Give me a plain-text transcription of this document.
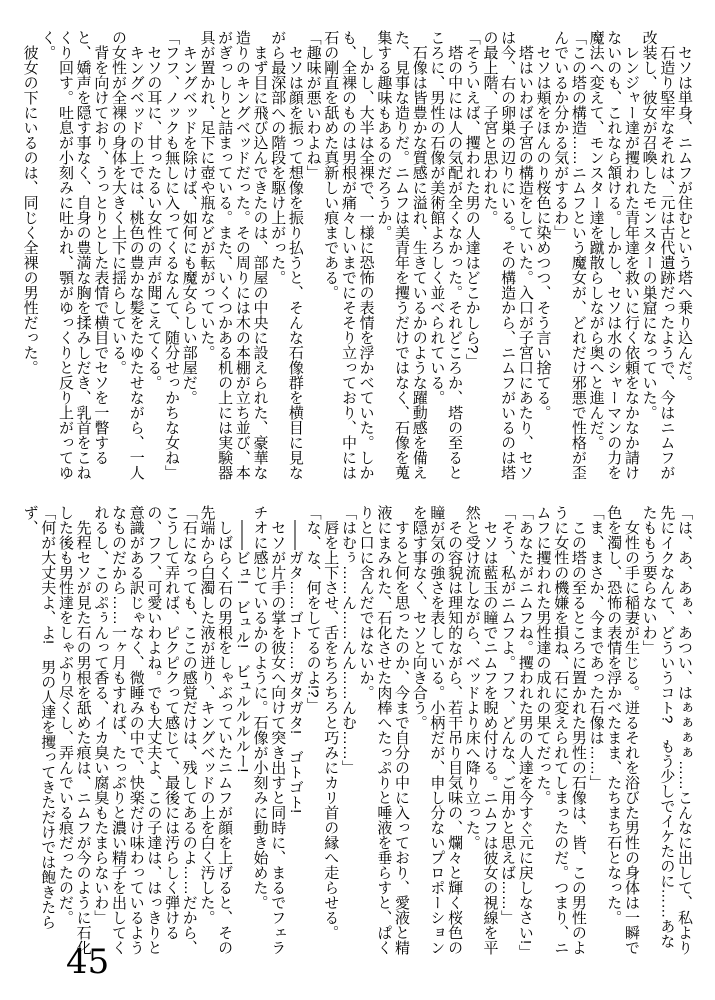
　セソは単身、ニムフが住むという塔へ乗り込んだ。

　石造り堅牢なそれは、元は古代遺跡だったようで、今はニムフが改装し、彼女が召喚したモンスターの巣窟になっていた。

　レンジャー達が攫われた青年達を救いに行く依頼をなかなか請けないのも、これなら頷ける。しかし、セソは水のシャーマンの力を魔法へ変えて、モンスター達を蹴散らしながら奥へと進んだ。

「この塔の構造……ニムフという魔女が、どれだけ邪悪で性格が歪んでいるか分かる気がするわ」

　セソは頬をほんのり桜色に染めつつ、そう言い捨てる。

　塔はいわば子宮の構造をしていた。入口が子宮口にあたり、セソは今、右の卵巣の辺りにいる。その構造から、ニムフがいるのは塔の最上階、子宮と思われた。

「そういえば、攫われた男の人達はどこかしら?」

　塔の中には人の気配が全くなかった。それどころか、塔の至るところに、男性の石像が美術館よろしく並べられている。

　石像は皆豊かな質感に溢れ、生きているかのような躍動感を備えた、見事な造りだ。ニムフは美青年を攫うだけではなく、石像を蒐集する趣味もあるのだろうか。

　しかし、大半は全裸で、一様に恐怖の表情を浮かべていた。しかも、全裸のものは男根が痛々しいまでにそそり立っており、中には石の剛直を舐めた真新しい痕まである。

「趣味が悪いわよね」

　セソは顔を振って想像を振り払うと、そんな石像群を横目に見ながら最深部への階段を駆け上がった。

　まず目に飛び込んできたのは、部屋の中央に設えられた、豪華な造りのキングベッドだった。その周りには木の本棚が立ち並び、本がぎっしりと詰まっている。また、いくつかある机の上には実験器具が置かれ、足下に壺や瓶などが転がっていた。

　キングベッドを除けば、如何にも魔女らしい部屋だ。

「フフ、ノックも無しに入ってくるなんて、随分せっかちな女ね」

　セソの耳に、甘ったるい女性の声が聞こえてくる。

　キングベッドの上では、桃色の豊かな髪をたゆたせながら、一人の女性が全裸の身体を大きく上下に揺らしている。

　背を向けており、うっとりとした表情で横目でセソを一瞥すると、嬌声を隠す事なく、自身の豊満な胸を揉みしだき、乳首をこねくり回す。吐息が小刻みに吐かれ、顎がゆっくりと反り上がってゆく。

　彼女の下にいるのは、同じく全裸の男性だった。

「は、あ、あぁ、あつい、はぁぁぁぁ……こんなに出して、私より先にイクなんて、どういうコト?　もう少しでイケたのに……あなたももう要らないわ」

　女性の手に稲妻が生じる。迸るそれを浴びた男性の身体は一瞬で色を濁し、恐怖の表情を浮かべたまま、たちまち石となった。

「ま、まさか、今まであった石像は……」

　この塔の至るところに置かれた男性の石像は、皆、この男性のように女性の機嫌を損ね、石に変えられてしまったのだ。つまり、ニムフに攫われた男性達の成れの果てだった。

「あなたがニムフね。攫われた男の人達を今すぐ元に戻しなさい!」

「そう、私がニムフよ。フフ、どんな、ご用かと思えば……」

　セソは藍玉の瞳でニムフを睨め付ける。ニムフは彼女の視線を平然と受け流しながら、ベッドより床へ降り立った。

　その容貌は理知的ながら、若干吊り目気味の、爛々と輝く桜色の瞳が気の強さを表している。小柄だが、申し分ないプロポーションを隠す事なく、セソと向き合う。

　すると何を思ったのか、今まで自分の中に入っており、愛液と精液にまみれた、石化させた肉棒へたっぷりと唾液を垂らすと、ぱくりと口に含んだではないか。

「はむぅ……ん……んん……んむ……」

　唇を上下させ、舌をちろちろと巧みにカリ首の縁へ走らせる。

「な、な、何をしてるのよ!?」

　――ガタ……ゴト……ガタガタ!　ゴトゴト!

　セソが片手の掌を彼女へ向けて突き出すと同時に、まるでフェラチオに感じているかのように。石像が小刻みに動き始めた。

　――ビュ!　ビュル!　ビュルルルルー!

　しばらく石の男根をしゃぶっていたニムフが顔を上げると、その先端から白濁した液が迸り、キングベッドの上を白く汚した。

「石になっても、ここの感覚だけは、残してあるのよ……だから、こうして弄れば、ピクピクって感じて、最後には汚らしく弾けるの、フフ、可愛いわよね。でも大丈夫よ、この子達は、はっきりと意識がある訳じゃなく、微睡みの中で、快楽だけ味わっているようなものだから……一ヶ月もすれば、たっぷりと濃い精子を出してくれるし、このぷぅんって香る、イカ臭い腐臭もたまらないわ」

　先程セソが見た石の男根を舐めた痕は、ニムフが今のように石化した後も男性達をしゃぶり尽くし、弄んでいる痕だったのだ。

「何が大丈夫よ、よ!　男の人達を攫ってきただけでは飽きたらず、

45
